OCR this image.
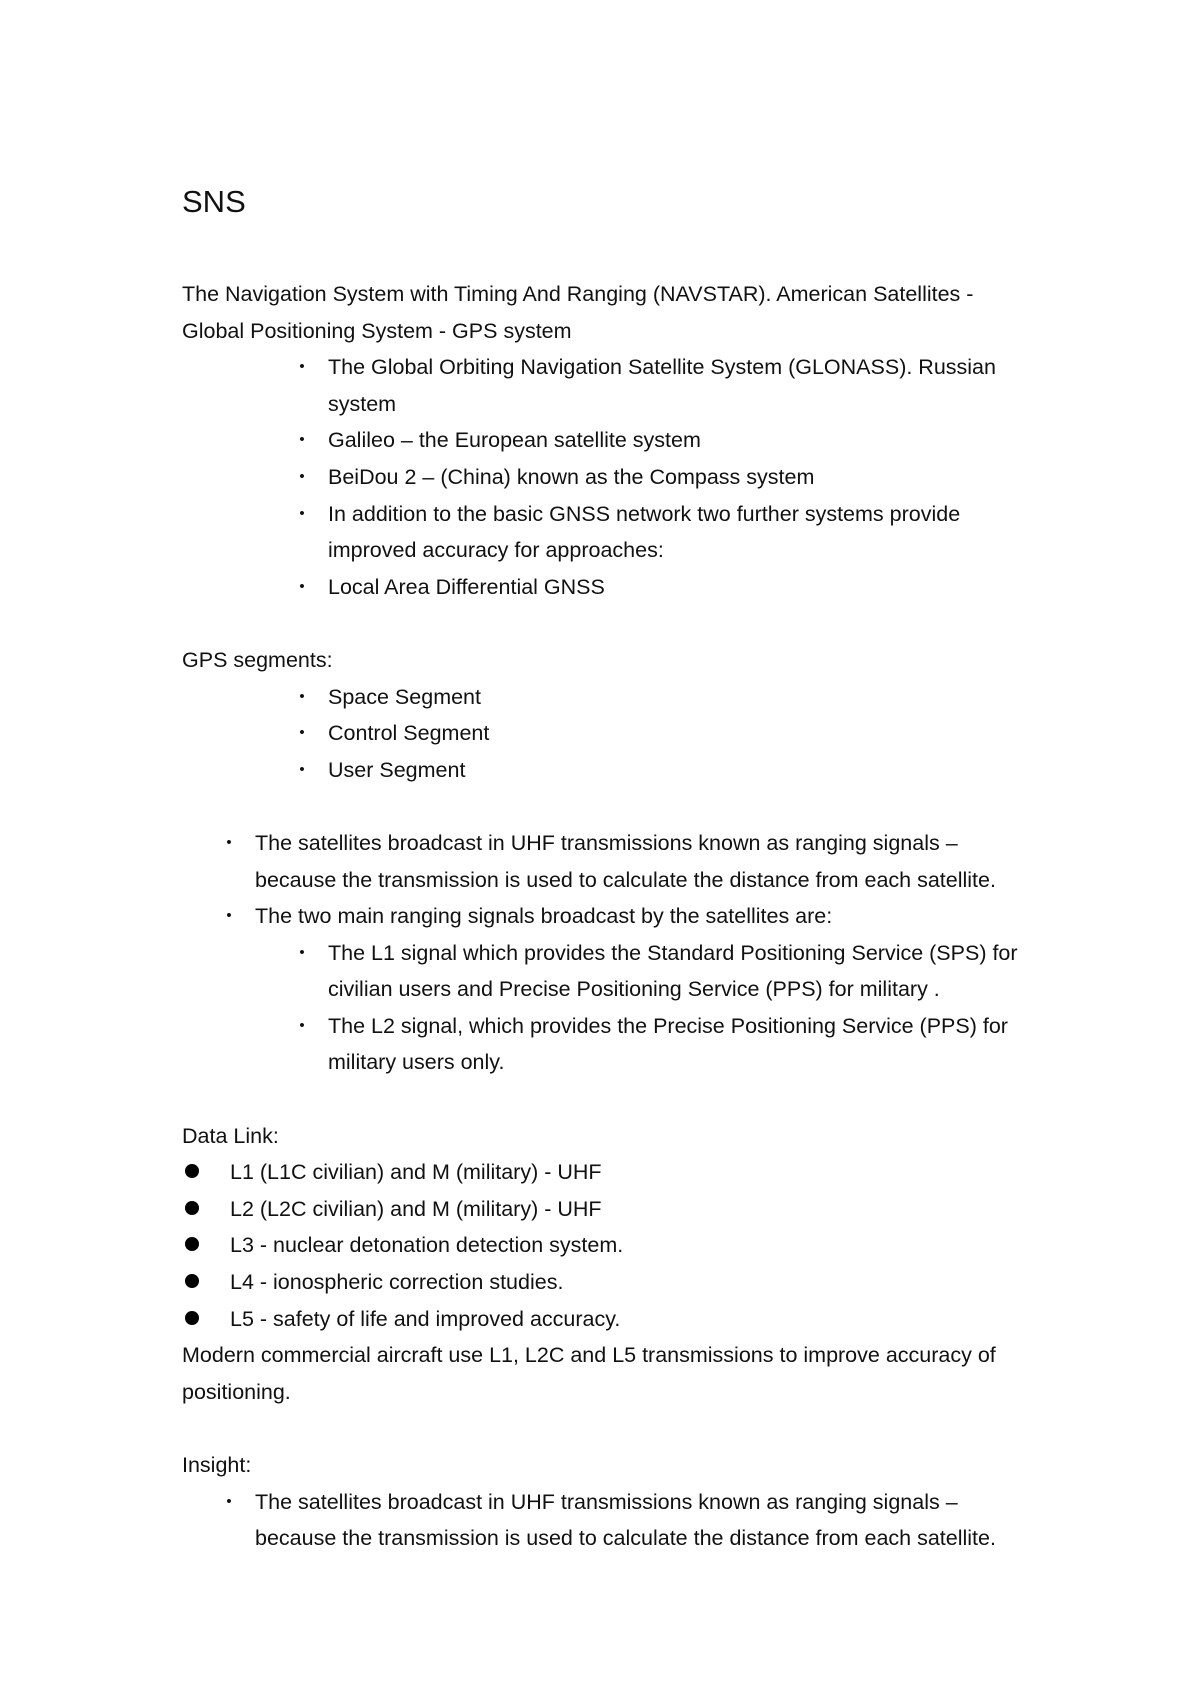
SNS

The Navigation System with Timing And Ranging (NAVSTAR). American Satellites -

Global Positioning System - GPS system

•	The Global Orbiting Navigation Satellite System (GLONASS). Russian system
•	Galileo – the European satellite system
•	BeiDou 2 – (China) known as the Compass system
•	In addition to the basic GNSS network two further systems provide improved accuracy for approaches:
•	Local Area Differential GNSS

GPS segments:

•	Space Segment
•	Control Segment
•	User Segment
•	The satellites broadcast in UHF transmissions known as ranging signals – because the transmission is used to calculate the distance from each satellite.
•	The two main ranging signals broadcast by the satellites are:
•	The L1 signal which provides the Standard Positioning Service (SPS) for civilian users and Precise Positioning Service (PPS) for military .
•	The L2 signal, which provides the Precise Positioning Service (PPS) for military users only.

Data Link:

L1 (L1C civilian) and M (military) - UHF
L2 (L2C civilian) and M (military) - UHF
L3 - nuclear detonation detection system.
L4 - ionospheric correction studies.
L5 - safety of life and improved accuracy.

Modern commercial aircraft use L1, L2C and L5 transmissions to improve accuracy of positioning.

Insight:

•	The satellites broadcast in UHF transmissions known as ranging signals – because the transmission is used to calculate the distance from each satellite.
